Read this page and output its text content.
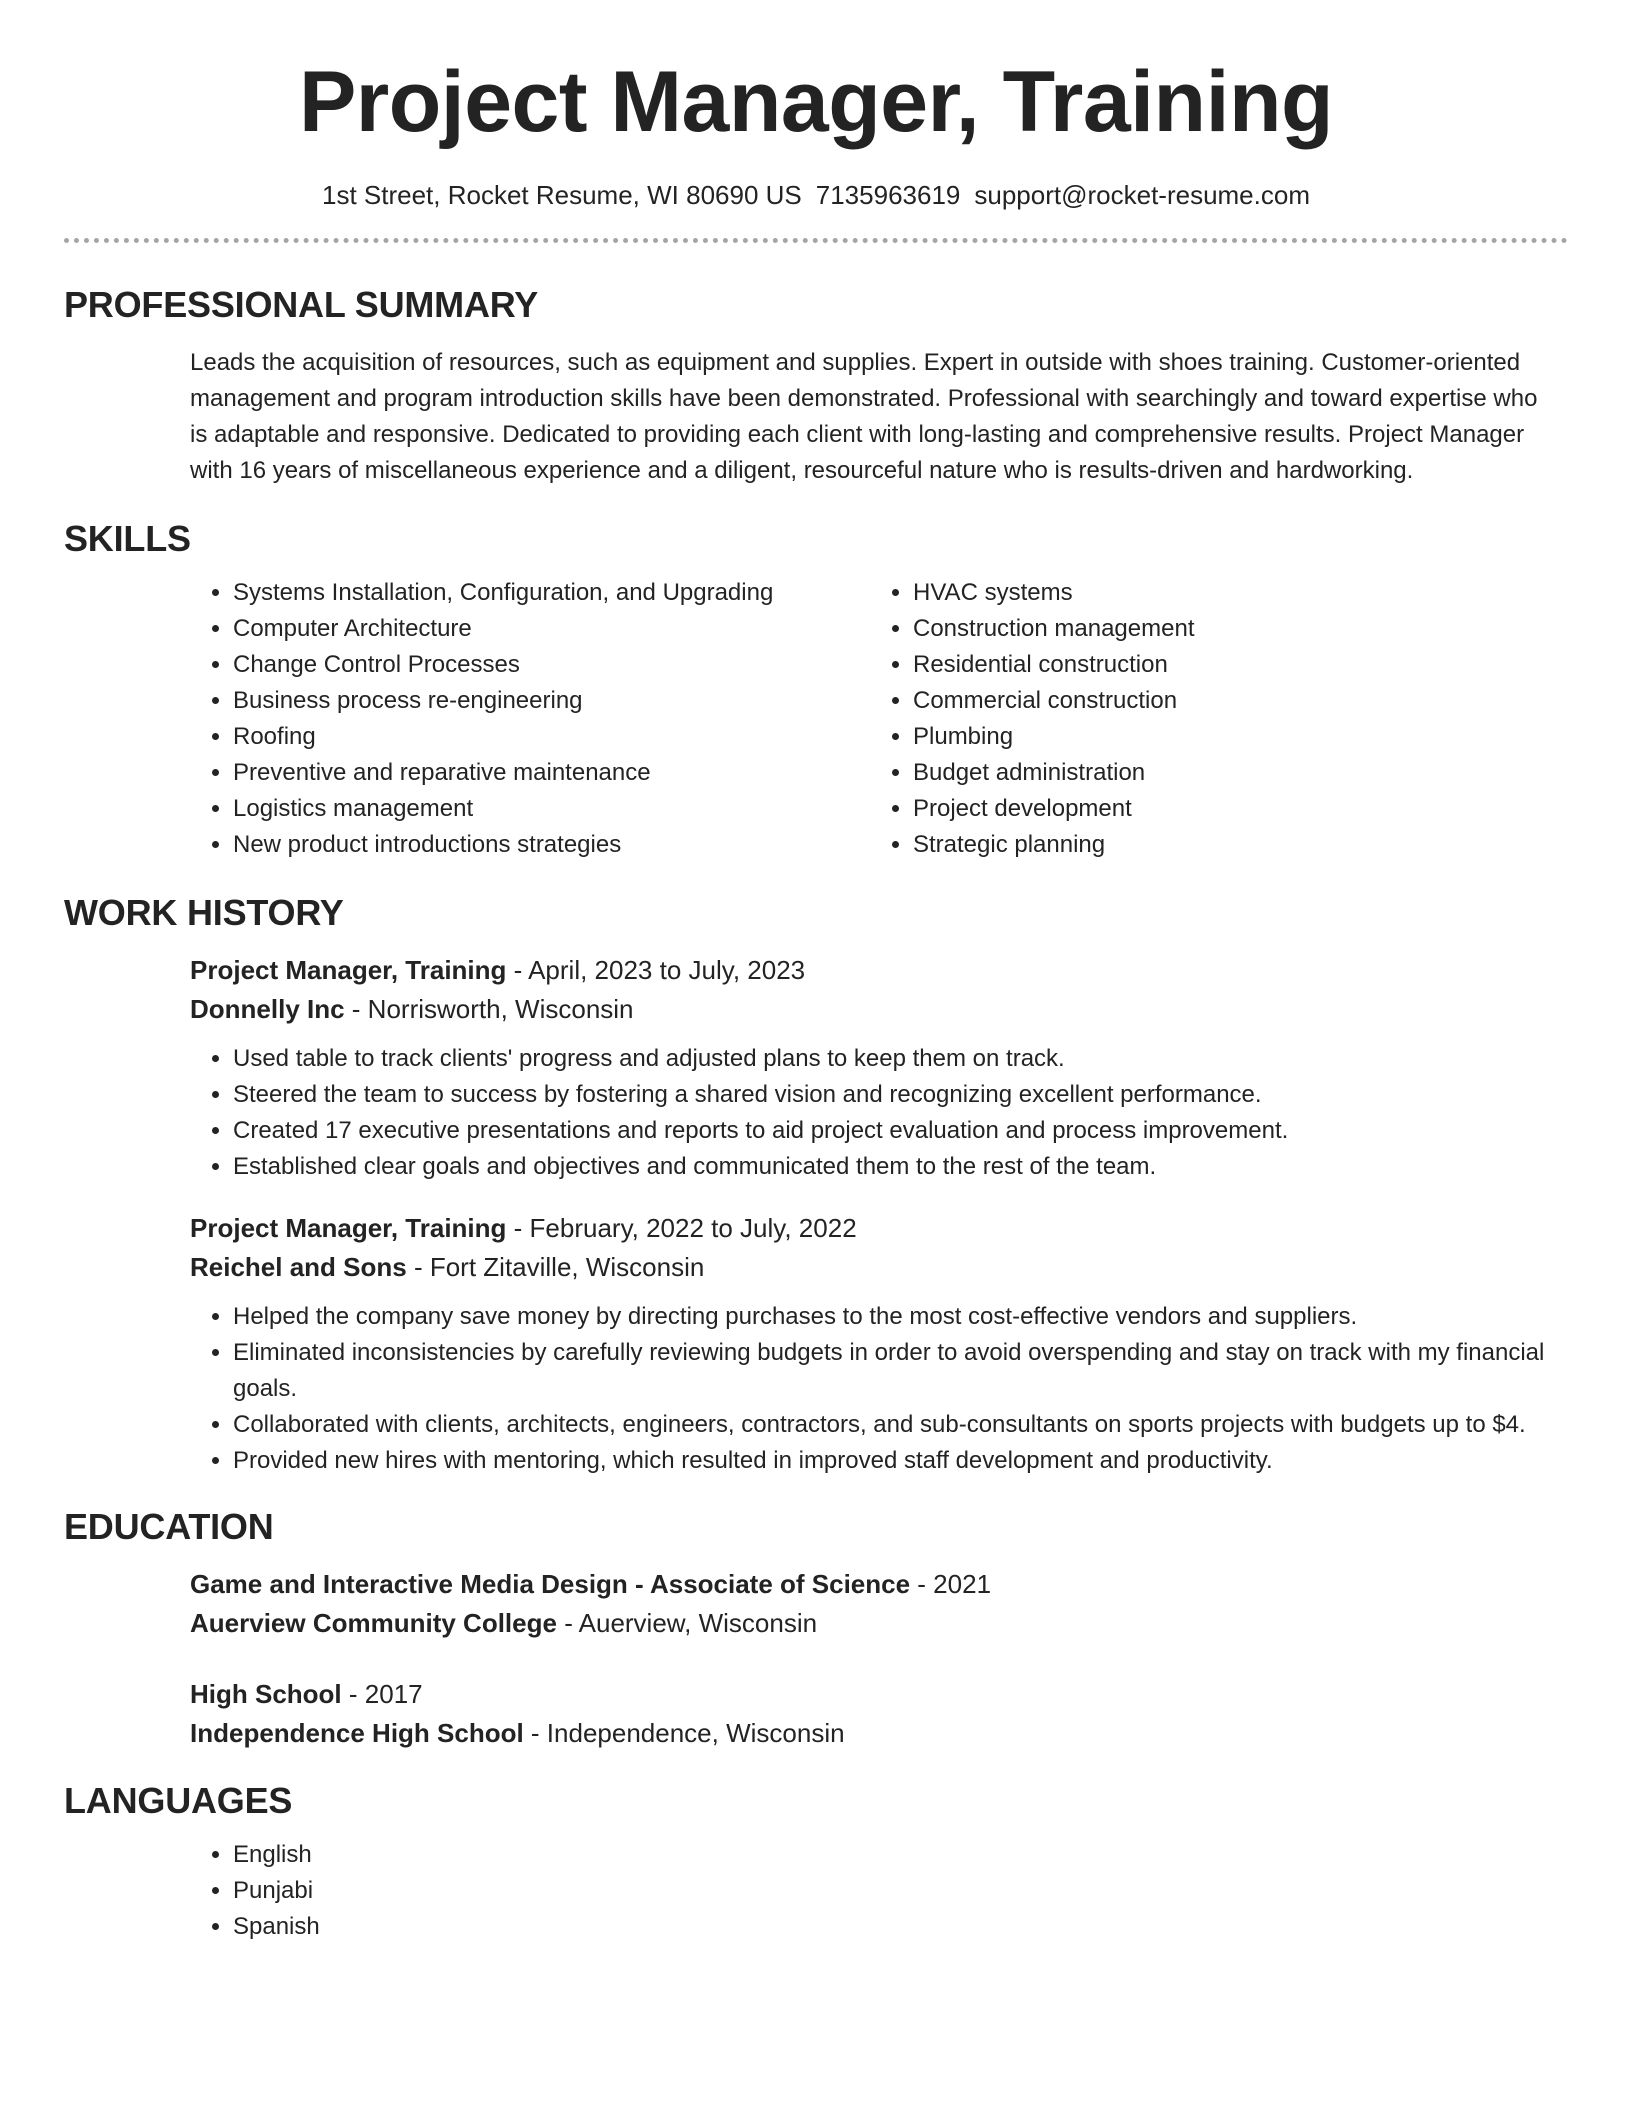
Project Manager, Training
1st Street, Rocket Resume, WI 80690 US 7135963619 support@rocket-resume.com
PROFESSIONAL SUMMARY
Leads the acquisition of resources, such as equipment and supplies. Expert in outside with shoes training. Customer-oriented management and program introduction skills have been demonstrated. Professional with searchingly and toward expertise who is adaptable and responsive. Dedicated to providing each client with long-lasting and comprehensive results. Project Manager with 16 years of miscellaneous experience and a diligent, resourceful nature who is results-driven and hardworking.
SKILLS
• Systems Installation, Configuration, and Upgrading
• Computer Architecture
• Change Control Processes
• Business process re-engineering
• Roofing
• Preventive and reparative maintenance
• Logistics management
• New product introductions strategies
• HVAC systems
• Construction management
• Residential construction
• Commercial construction
• Plumbing
• Budget administration
• Project development
• Strategic planning
WORK HISTORY
Project Manager, Training - April, 2023 to July, 2023
Donnelly Inc - Norrisworth, Wisconsin
• Used table to track clients' progress and adjusted plans to keep them on track.
• Steered the team to success by fostering a shared vision and recognizing excellent performance.
• Created 17 executive presentations and reports to aid project evaluation and process improvement.
• Established clear goals and objectives and communicated them to the rest of the team.
Project Manager, Training - February, 2022 to July, 2022
Reichel and Sons - Fort Zitaville, Wisconsin
• Helped the company save money by directing purchases to the most cost-effective vendors and suppliers.
• Eliminated inconsistencies by carefully reviewing budgets in order to avoid overspending and stay on track with my financial goals.
• Collaborated with clients, architects, engineers, contractors, and sub-consultants on sports projects with budgets up to $4.
• Provided new hires with mentoring, which resulted in improved staff development and productivity.
EDUCATION
Game and Interactive Media Design - Associate of Science - 2021
Auerview Community College - Auerview, Wisconsin
High School - 2017
Independence High School - Independence, Wisconsin
LANGUAGES
• English
• Punjabi
• Spanish
